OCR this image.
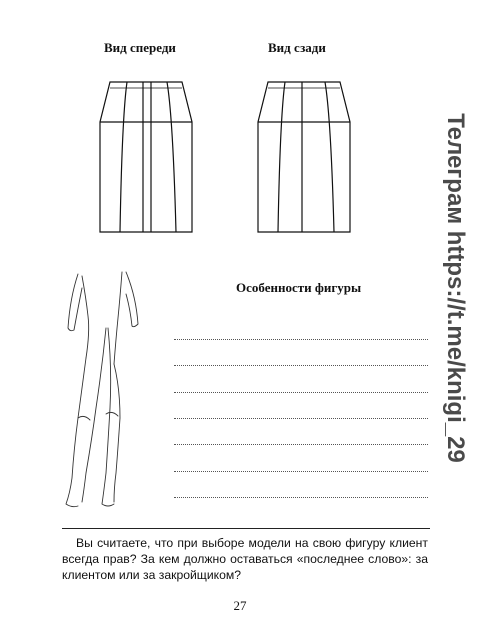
Вид спереди	Вид сзади
Особенности фигуры
Вы считаете, что при выборе модели на свою фигуру клиент всегда прав? За кем должно оставаться «последнее слово»: за клиентом или за закройщиком?
27
Телеграм https://t.me/knigi_29
